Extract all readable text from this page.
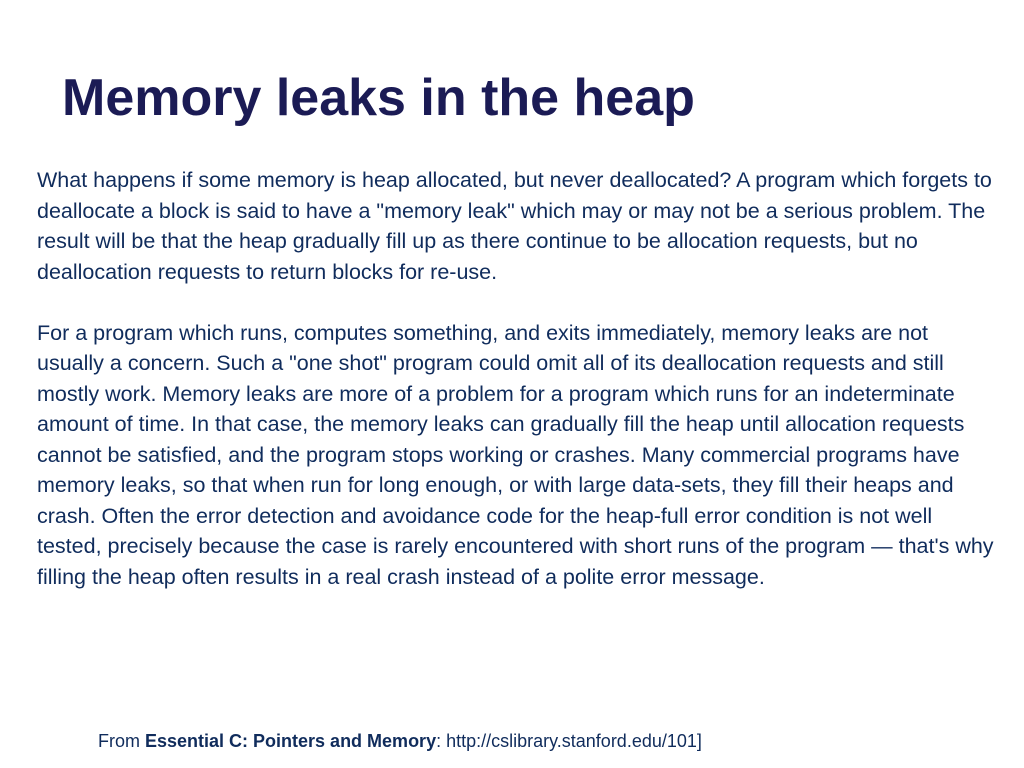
Memory leaks in the heap

What happens if some memory is heap allocated, but never deallocated? A program which forgets to deallocate a block is said to have a "memory leak" which may or may not be a serious problem. The result will be that the heap gradually fill up as there continue to be allocation requests, but no deallocation requests to return blocks for re-use.

For a program which runs, computes something, and exits immediately, memory leaks are not usually a concern. Such a "one shot" program could omit all of its deallocation requests and still mostly work. Memory leaks are more of a problem for a program which runs for an indeterminate amount of time. In that case, the memory leaks can gradually fill the heap until allocation requests cannot be satisfied, and the program stops working or crashes. Many commercial programs have memory leaks, so that when run for long enough, or with large data-sets, they fill their heaps and crash. Often the error detection and avoidance code for the heap-full error condition is not well tested, precisely because the case is rarely encountered with short runs of the program — that's why filling the heap often results in a real crash instead of a polite error message.

From Essential C: Pointers and Memory: http://cslibrary.stanford.edu/101]
